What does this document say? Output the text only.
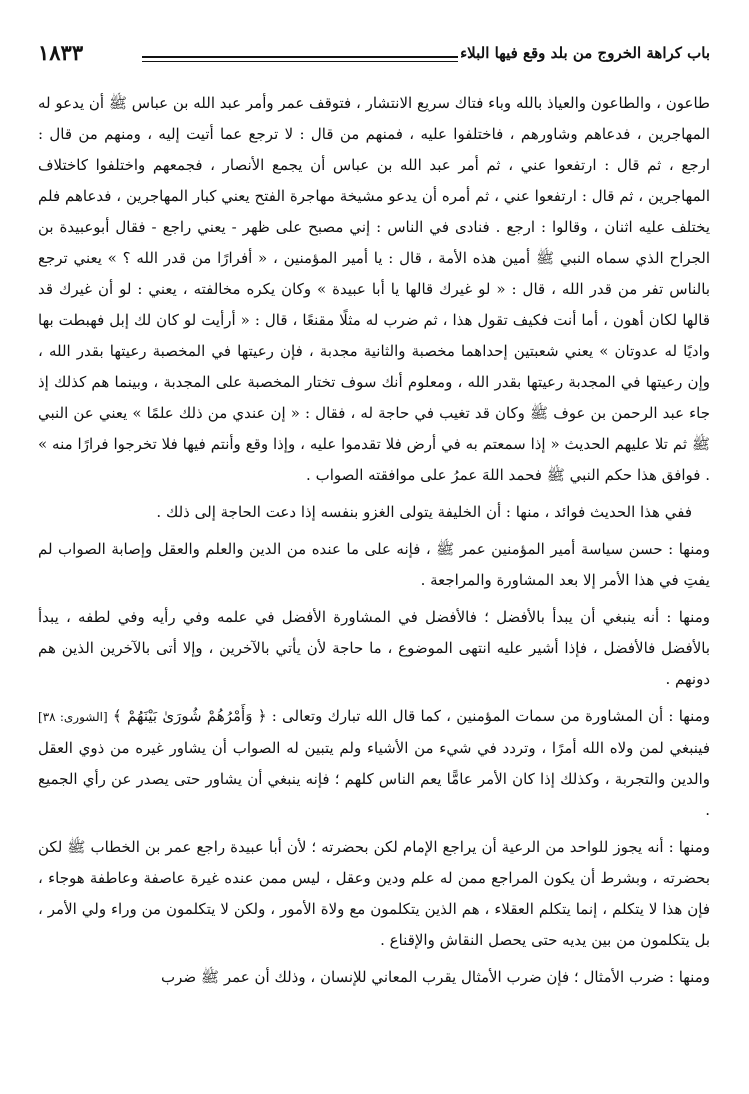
باب كراهة الخروج من بلد وقع فيها البلاء
١٨٣٣

طاعون ، والطاعون والعياذ بالله وباء فتاك سريع الانتشار ، فتوقف عمر وأمر عبد الله بن عباس ﷺ أن يدعو له المهاجرين ، فدعاهم وشاورهم ، فاختلفوا عليه ، فمنهم من قال : لا ترجع عما أتيت إليه ، ومنهم من قال : ارجع ، ثم قال : ارتفعوا عني ، ثم أمر عبد الله بن عباس أن يجمع الأنصار ، فجمعهم واختلفوا كاختلاف المهاجرين ، ثم قال : ارتفعوا عني ، ثم أمره أن يدعو مشيخة مهاجرة الفتح يعني كبار المهاجرين ، فدعاهم فلم يختلف عليه اثنان ، وقالوا : ارجع . فنادى في الناس : إني مصبح على ظهر - يعني راجع - فقال أبوعبيدة بن الجراح الذي سماه النبي ﷺ أمين هذه الأمة ، قال : يا أمير المؤمنين ، « أفرارًا من قدر الله ؟ » يعني ترجع بالناس تفر من قدر الله ، قال : « لو غيرك قالها يا أبا عبيدة » وكان يكره مخالفته ، يعني : لو أن غيرك قد قالها لكان أهون ، أما أنت فكيف تقول هذا ، ثم ضرب له مثلًا مقنعًا ، قال : « أرأيت لو كان لك إبل فهبطت بها واديًا له عدوتان » يعني شعبتين إحداهما مخصبة والثانية مجدبة ، فإن رعيتها في المخصبة رعيتها بقدر الله ، وإن رعيتها في المجدبة رعيتها بقدر الله ، ومعلوم أنك سوف تختار المخصبة على المجدبة ، وبينما هم كذلك إذ جاء عبد الرحمن بن عوف ﷺ وكان قد تغيب في حاجة له ، فقال : « إن عندي من ذلك علمًا » يعني عن النبي ﷺ ثم تلا عليهم الحديث « إذا سمعتم به في أرض فلا تقدموا عليه ، وإذا وقع وأنتم فيها فلا تخرجوا فرارًا منه » . فوافق هذا حكم النبي ﷺ فحمد اللهَ عمرُ على موافقته الصواب .

ففي هذا الحديث فوائد ، منها : أن الخليفة يتولى الغزو بنفسه إذا دعت الحاجة إلى ذلك .

ومنها : حسن سياسة أمير المؤمنين عمر ﷺ ، فإنه على ما عنده من الدين والعلم والعقل وإصابة الصواب لم يفتِ في هذا الأمر إلا بعد المشاورة والمراجعة .

ومنها : أنه ينبغي أن يبدأ بالأفضل ؛ فالأفضل في المشاورة الأفضل في علمه وفي رأيه وفي لطفه ، يبدأ بالأفضل فالأفضل ، فإذا أشير عليه انتهى الموضوع ، ما حاجة لأن يأتي بالآخرين ، وإلا أتى بالآخرين الذين هم دونهم .

ومنها : أن المشاورة من سمات المؤمنين ، كما قال الله تبارك وتعالى : ﴿ وَأَمْرُهُمْ شُورَىٰ بَيْنَهُمْ ﴾ [الشورى: ٣٨] فينبغي لمن ولاه الله أمرًا ، وتردد في شيء من الأشياء ولم يتبين له الصواب أن يشاور غيره من ذوي العقل والدين والتجربة ، وكذلك إذا كان الأمر عامًّا يعم الناس كلهم ؛ فإنه ينبغي أن يشاور حتى يصدر عن رأي الجميع .

ومنها : أنه يجوز للواحد من الرعية أن يراجع الإمام لكن بحضرته ؛ لأن أبا عبيدة راجع عمر بن الخطاب ﷺ لكن بحضرته ، وبشرط أن يكون المراجع ممن له علم ودين وعقل ، ليس ممن عنده غيرة عاصفة وعاطفة هوجاء ، فإن هذا لا يتكلم ، إنما يتكلم العقلاء ، هم الذين يتكلمون مع ولاة الأمور ، ولكن لا يتكلمون من وراء ولي الأمر ، بل يتكلمون من بين يديه حتى يحصل النقاش والإقناع .

ومنها : ضرب الأمثال ؛ فإن ضرب الأمثال يقرب المعاني للإنسان ، وذلك أن عمر ﷺ ضرب
